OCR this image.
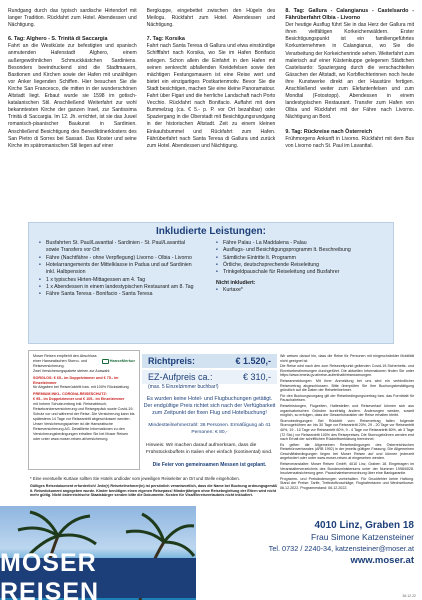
Rundgang durch das typisch sardische Hirtendorf mit langer Tradition. Rückfahrt zum Hotel. Abendessen und Nächtigung.

6. Tag: Alghero - S. Trinità di Saccargia

Fahrt an die Westküste zur befestigten und spanisch anmutenden Hafenstadt Alghero, einem außergewöhnlichen Schmuckkästchen Sardiniens. Besonders beeindruckend sind die Stadtmauern, Bastionen und Kirchen sowie der Hafen mit unzähligen vor Anker liegenden Schiffen. Hier besuchen Sie die Kirche San Francesco, die mitten in der wunderschönen Altstadt liegt. Erbaut wurde sie 1598 im gotisch-katalanischen Stil. Anschließend Weiterfahrt zur wohl bekanntesten Kirche der ganzen Insel, zur Santissima Trinità di Saccargia. Im 12. Jh. errichtet, ist sie das Juwel romanisch-pisanischer Baukunst in Sardinien. Anschließend Besichtigung des Benediktinerklosters des San Pietro di Sorres bei Sassari. Das Kloster und seine Kirche im spätromanischen Stil liegen auf einer

Bergkuppe, eingebettet zwischen den Hügeln des Meilogu. Rückfahrt zum Hotel. Abendessen und Nächtigung.

7. Tag: Korsika

Fahrt nach Santa Teresa di Gallura und etwa einstündige Schifffahrt nach Korsika, wo Sie im Hafen Bonifacio anlegen. Schon allein die Einfahrt in den Hafen mit seinen senkrecht abfallenden Kreidefelsen sowie den mächtigen Festungsmauern ist eine Reise wert und bietet ein einzigartiges Postkartenmotiv. Bevor Sie die Stadt besichtigen, machen Sie eine kleine Panoramatour. Fahrt über Figari und die herrliche Landschaft nach Porto Vecchio. Rückfahrt nach Bonifacio. Auffahrt mit dem Bummelzug (ca. € 5.- p. P. vor Ort bezahlbar) oder Spaziergang in die Oberstadt mit Besichtigungsrundgang in der historischen Altstadt. Zeit zu einem kleinen Einkaufsbummel und Rückfahrt zum Hafen. Fährüberfahrt nach Santa Teresa di Gallura und zurück zum Hotel. Abendessen und Nächtigung.

8. Tag: Gallura - Calangianus - Castelsardo - Fährüberfahrt Olbia - Livorno

Der heutige Ausflug führt Sie in das Herz der Gallura mit ihren vielfältigen Korkeichenwäldern. Erster Besichtigungspunkt ist ein familiengeführtes Korkunternehmen in Calangianus, wo Sie die Verarbeitung der Korkeichenrinde sehen. Weiterfahrt zum malerisch auf einer Küstenkuppe gelegenen Städtchen Castelsardo: Spaziergang durch die verschachtelten Gässchen der Altstadt, wo Korbflechterinnen noch heute ihre Kunstwerke direkt an der Haustüre fertigen. Anschließend weiter zum Elefantenfelsen und zum Mondtal (Fotostopp). Abendessen in einem landestypischen Restaurant. Transfer zum Hafen von Olbia und Rückfahrt mit der Fähre nach Livorno. Nächtigung an Bord.

9. Tag: Rückreise nach Österreich

Frühmorgens Ankunft in Livorno. Rückfahrt mit dem Bus von Livorno nach St. Paul im Lavanttal.

Inkludierte Leistungen:
• Busfahrten St. Paul/Lavanttal - Sardinien - St. Paul/Lavanttal
sowie Transfers vor Ort
• Fähre (Nachtfähre - ohne Verpflegung) Livorno - Olbia - Livorno
• Hotelarrangements der Mittelklasse in Padua und auf Sardinien
inkl. Halbpension
• 1 x typisches Hirten-Mittagessen am 4. Tag
• 1 x Abendessen in einem landestypischen Restaurant am 8. Tag
• Fähre Santa Teresa - Bonifacio - Santa Teresa
• Fähre Palau - La Maddalena - Palau
• Ausflugs- und Besichtigungsprogramm lt. Beschreibung
• Sämtliche Eintritte lt. Programm
• Örtliche, deutschsprechende Reiseleitung
• Trinkgeldpauschale für Reiseleitung und Busfahrer
Nicht inkludiert:
• Kurtaxe*
Moser Reisen empfiehlt den Abschluss einer Hanseatischen Storno- und Reiseversicherung.
HanseMerkur
Zwei Versicherungspakete stehen zur Auswahl:
SORGLOS: € 65.- im Doppelzimmer und € 75.- im Einzelzimmer
für Abgaben bei Reiserücktritt bzw. mit 100% Rückstattung
PREMIUM INKL. CORONA-REISESCHUTZ:
€ 95.- im Doppelzimmer und € 105.- im Einzelzimmer
mit hohem Schutzumfang inkl. Reiseabbruch, Reisekrankenversicherung und Reisegepäck sowie Covid-19-Schutz vor und während der Reise. Die Versicherung kann bis spätestens 14 Tage vor Reiseantritt abgeschlossen werden. Unser Versicherungspartner ist die Hanseatische Reiseversicherung AG. Detaillierte Informationen zu den Versicherungsbedingungen erhalten Sie bei Moser Reisen oder unter www.moser-reisen.at/versicherung.
Richtpreis:	€ 1.520,-
EZ-Aufpreis ca.:	€ 310,-
(max. 5 Einzelzimmer buchbar!)
Es wurden keine Hotel- und Flugbuchungen getätigt. Der endgültige Preis richtet sich nach der Verfügbarkeit zum Zeitpunkt der fixen Flug und Hotelbuchung!
Mindestteilnehmerzahl: 36 Personen. Ermäßigung ab 41 Personen: € 80,-
Hinweis: Wir machen darauf aufmerksam, dass die Frühstücksbuffets in Italien eher einfach (kontinental) sind.
Die Feier von gemeinsamen Messen ist geplant.

Wir weisen darauf hin, dass die Reise für Personen mit eingeschränkter Mobilität nicht geeignet ist.

Die Reise wird nach den zum Reisezeitpunkt geltenden Covid-19-Sicherheits- und Einreisebestimmungen durchgeführt. Die aktuellen Informationen finden Sie unter https://www.bmeia.gv.at/reise-aufenthalt/reisewarnungen.

Reiseanmeldungen: Mit Ihrer Anmeldung bei uns wird ein verbindlicher Reisevertrag abgeschlossen. Bitte überprüfen Sie Ihre Buchungsbestätigung gründlich auf die Daten der Reiseteilnehmer.

Für den Buchungsvorgang gilt der Reisebedingungsvertrag bzw. das Formblatt für Pauschalreisen.

Reiseleistungen, Flugzeiten, Haltestellen und Reiseverlauf können sich aus organisatorischen Gründen kurzfristig ändern. Änderungen werden, soweit möglich, so erfolgen, dass der Gesamtcharakter der Reise erhalten bleibt.

Stornobedingungen: Bei Rücktritt vom Reisevertrag fallen folgende Stornogebühren an: bis 30 Tage vor Reiseantritt 20%, 29 - 20 Tage vor Reiseantritt 40%, 19 - 10 Tage vor Reiseantritt 60%, 9 - 4 Tage vor Reiseantritt 80%, ab 3 Tage (72 Std.) vor Reiseantritt 100% des Reisepreises. Die Stornogebühren werden erst nach Erhalt der schriftlichen Rücktrittserklärung berechnet.

Es gelten die Allgemeinen Reisebedingungen des Österreichischen Reisebüroverbandes (ARB 1992) in der jeweils gültigen Fassung. Die Allgemeinen Geschäftsbedingungen liegen bei Moser Reisen auf und können jederzeit angefordert oder unter www.moser-reisen.at eingesehen werden.

Reiseveranstalter: Moser Reisen GmbH, 4010 Linz, Graben 18. Eingetragen im Veranstalterverzeichnis des Bundesministeriums unter der Nummer 1998/0028. Insolvenzabsicherung gem. Pauschalreiseverordnung über eine Bankgarantie.

Programm- und Preisänderungen vorbehalten. Für Druckfehler keine Haftung. Stand der Preise: Tarife, Treibstoffzuschläge, Flughafentaxen und Wechselkurse: 06.12.2022. Programmstand: 06.12.2022.

* Eine eventuelle Kurtaxe sollten Sie Hotels und/oder vom jeweiligen Reiseleiter an Ort und Stelle eingehoben.
Gültiges Reisedokument erforderlich! Jede(r) Reiseteilnehmer(in) ist persönlich verantwortlich, dass die Name bei Buchung ordnungsgemäß lt. Reisedokument angegeben wurde. Kinder benötigen einen eigenen Reisepass! Minderjährigen ohne Reisebegleitung der Eltern wird nicht mehr gültig. Nicht österreichische Staatsbürger senden bitte die Dokumente. Kosten für Visa/Einreiseerlaubnis nicht inkludiert.
MOSER REISEN
4010 Linz, Graben 18
Frau Simone Katzensteiner
Tel. 0732 / 2240-34, katzensteiner@moser.at
www.moser.at
36.12.22
